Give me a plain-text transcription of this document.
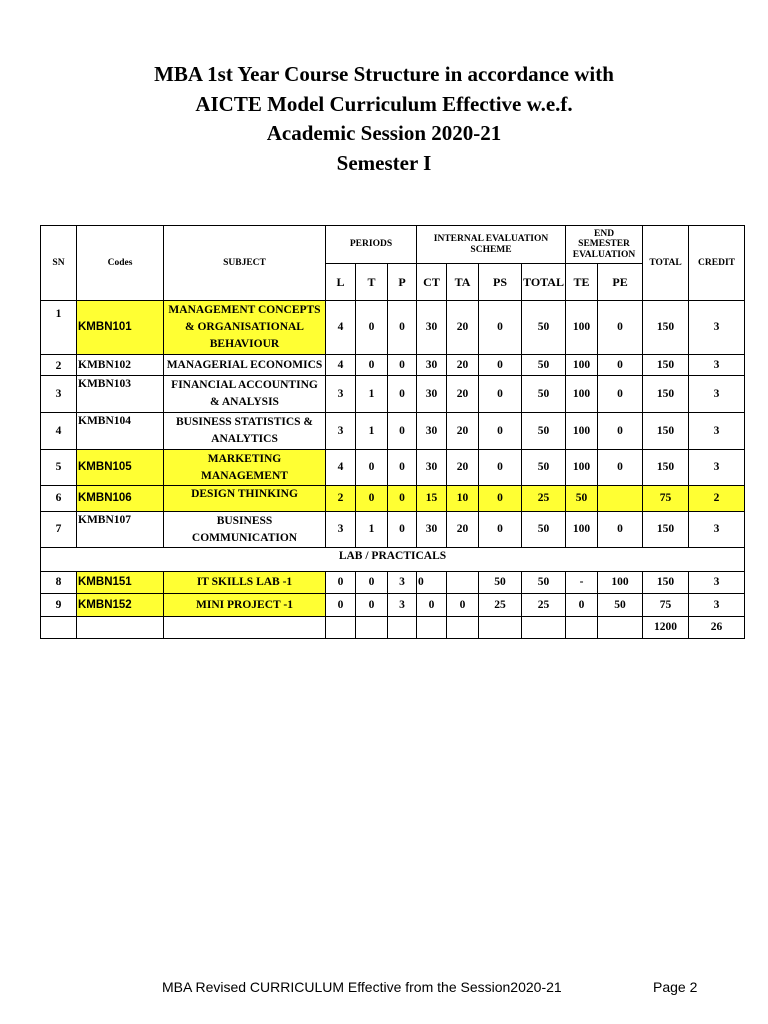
MBA 1st Year Course Structure in accordance with

AICTE Model Curriculum Effective w.e.f.

Academic Session 2020-21

Semester I

SN	Codes	SUBJECT	PERIODS			INTERNAL EVALUATION SCHEME				END SEMESTER EVALUATION		TOTAL	CREDIT
			L	T	P	CT	TA	PS	TOTAL	TE	PE		
1	KMBN101	MANAGEMENT CONCEPTS & ORGANISATIONAL BEHAVIOUR	4	0	0	30	20	0	50	100	0	150	3
2	KMBN102	MANAGERIAL ECONOMICS	4	0	0	30	20	0	50	100	0	150	3
3	KMBN103	FINANCIAL ACCOUNTING & ANALYSIS	3	1	0	30	20	0	50	100	0	150	3
4	KMBN104	BUSINESS STATISTICS & ANALYTICS	3	1	0	30	20	0	50	100	0	150	3
5	KMBN105	MARKETING MANAGEMENT	4	0	0	30	20	0	50	100	0	150	3
6	KMBN106	DESIGN THINKING	2	0	0	15	10	0	25	50		75	2
7	KMBN107	BUSINESS COMMUNICATION	3	1	0	30	20	0	50	100	0	150	3
LAB / PRACTICALS													
8	KMBN151	IT SKILLS LAB -1	0	0	3	0		50	50	-	100	150	3
9	KMBN152	MINI PROJECT -1	0	0	3	0	0	25	25	0	50	75	3
												1200	26
MBA Revised CURRICULUM Effective from the Session2020-21	Page 2
